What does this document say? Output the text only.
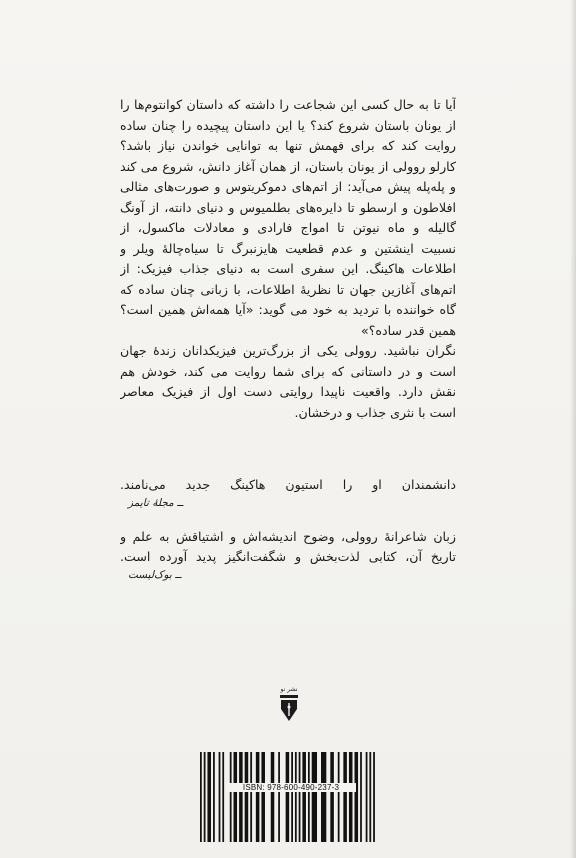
آیا تا به حال کسی این شجاعت را داشته که داستان کوانتوم‌ها را
از یونان باستان شروع کند؟ یا این داستان پیچیده را چنان ساده
روایت کند که برای فهمش تنها به توانایی خواندن نیاز باشد؟
کارلو روولی از یونان باستان، از همان آغاز دانش، شروع می کند
و پله‌پله پیش می‌آید: از اتم‌های دموکریتوس و صورت‌های مثالی
افلاطون و ارسطو تا دایره‌های بطلمیوس و دنیای دانته، از آونگ
گالیله و ماه نیوتن تا امواج فارادی و معادلات ماکسول، از
نسبیت اینشتین و عدم قطعیت هایزنبرگ تا سیاه‌چالهٔ ویلر و
اطلاعات هاکینگ. این سفری است به دنیای جذاب فیزیک: از
اتم‌های آغازین جهان تا نظریهٔ اطلاعات، با زبانی چنان ساده که
گاه خواننده با تردید به خود می گوید: «آیا همه‌اش همین است؟
همین قدر ساده؟»
نگران نباشید. روولی یکی از بزرگ‌ترین فیزیکدانان زندهٔ جهان
است و در داستانی که برای شما روایت می کند، خودش هم
نقش دارد. واقعیت ناپیدا روایتی دست اول از فیزیک معاصر
است با نثری جذاب و درخشان.
دانشمندان او را استیون هاکینگ جدید می‌نامند.
ــ مجلهٔ تایمز
زبان شاعرانهٔ روولی، وضوح اندیشه‌اش و اشتیاقش به علم و
تاریخ آن، کتابی لذت‌بخش و شگفت‌انگیز پدید آورده است.
ــ بوک‌لیست
نشر نو
ISBN: 978-600-490-237-3
